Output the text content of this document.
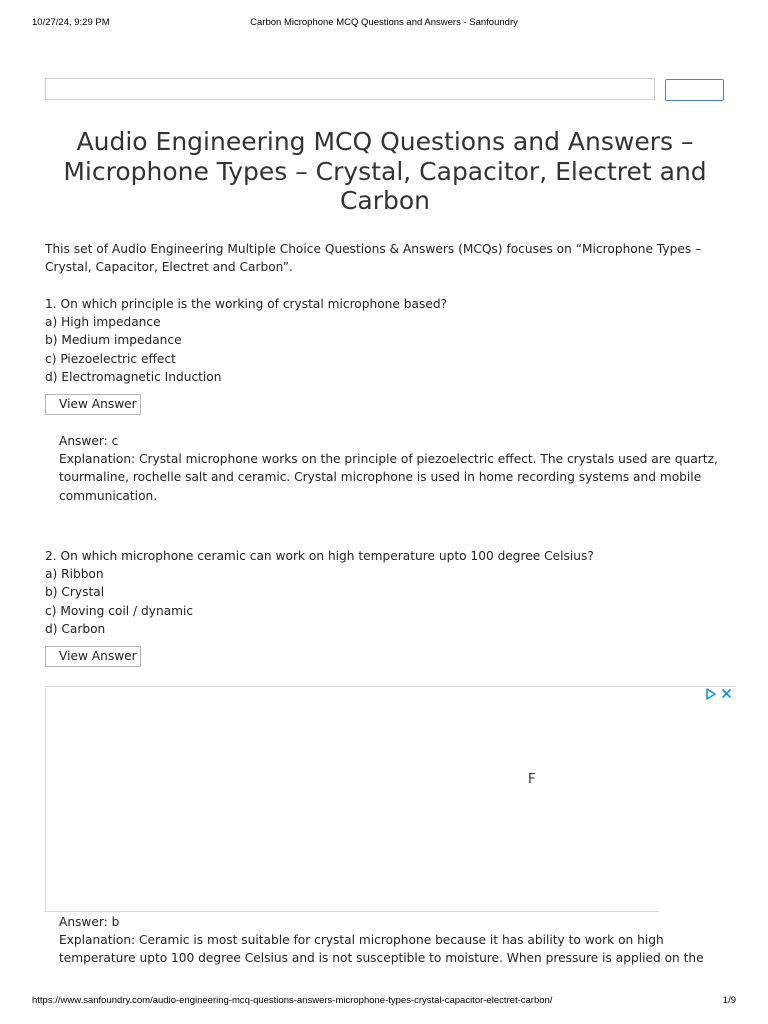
10/27/24, 9:29 PM	Carbon Microphone MCQ Questions and Answers - Sanfoundry
Audio Engineering MCQ Questions and Answers – Microphone Types – Crystal, Capacitor, Electret and Carbon

This set of Audio Engineering Multiple Choice Questions & Answers (MCQs) focuses on “Microphone Types – Crystal, Capacitor, Electret and Carbon”.

1. On which principle is the working of crystal microphone based?

a) High impedance

b) Medium impedance

c) Piezoelectric effect

d) Electromagnetic Induction

View Answer

Answer: c

Explanation: Crystal microphone works on the principle of piezoelectric effect. The crystals used are quartz, tourmaline, rochelle salt and ceramic. Crystal microphone is used in home recording systems and mobile communication.

2. On which microphone ceramic can work on high temperature upto 100 degree Celsius?

a) Ribbon

b) Crystal

c) Moving coil / dynamic

d) Carbon

View Answer
F

Answer: b

Explanation: Ceramic is most suitable for crystal microphone because it has ability to work on high temperature upto 100 degree Celsius and is not susceptible to moisture. When pressure is applied on the

https://www.sanfoundry.com/audio-engineering-mcq-questions-answers-microphone-types-crystal-capacitor-electret-carbon/	1/9
